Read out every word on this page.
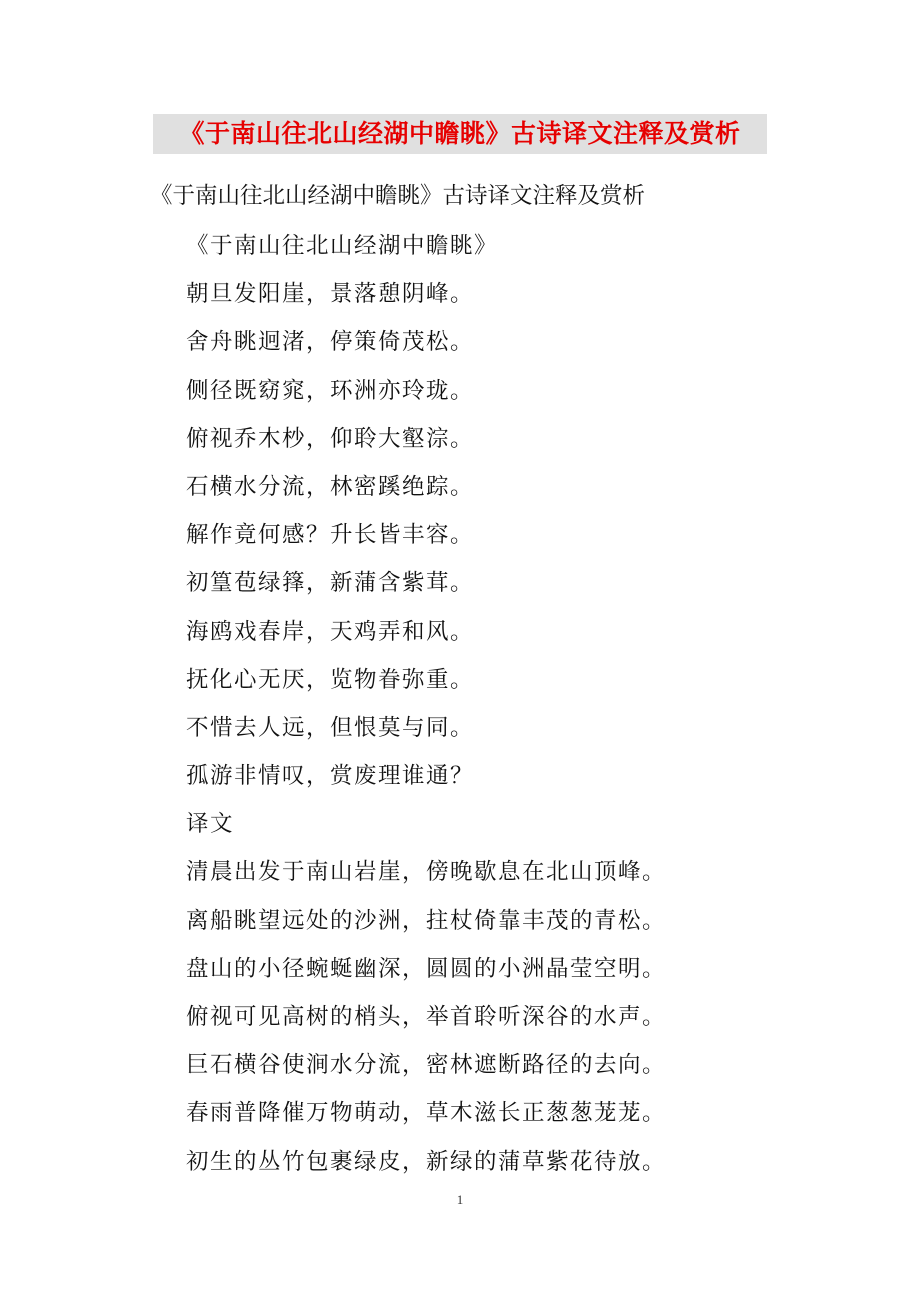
《于南山往北山经湖中瞻眺》古诗译文注释及赏析

《于南山往北山经湖中瞻眺》古诗译文注释及赏析

《于南山往北山经湖中瞻眺》
朝旦发阳崖，景落憩阴峰。
舍舟眺迥渚，停策倚茂松。
侧径既窈窕，环洲亦玲珑。
俯视乔木杪，仰聆大壑淙。
石横水分流，林密蹊绝踪。
解作竟何感？升长皆丰容。
初篁苞绿箨，新蒲含紫茸。
海鸥戏春岸，天鸡弄和风。
抚化心无厌，览物眷弥重。
不惜去人远，但恨莫与同。
孤游非情叹，赏废理谁通？
译文
清晨出发于南山岩崖，傍晚歇息在北山顶峰。
离船眺望远处的沙洲，拄杖倚靠丰茂的青松。
盘山的小径蜿蜒幽深，圆圆的小洲晶莹空明。
俯视可见高树的梢头，举首聆听深谷的水声。
巨石横谷使涧水分流，密林遮断路径的去向。
春雨普降催万物萌动，草木滋长正葱葱茏茏。
初生的丛竹包裹绿皮，新绿的蒲草紫花待放。
1
